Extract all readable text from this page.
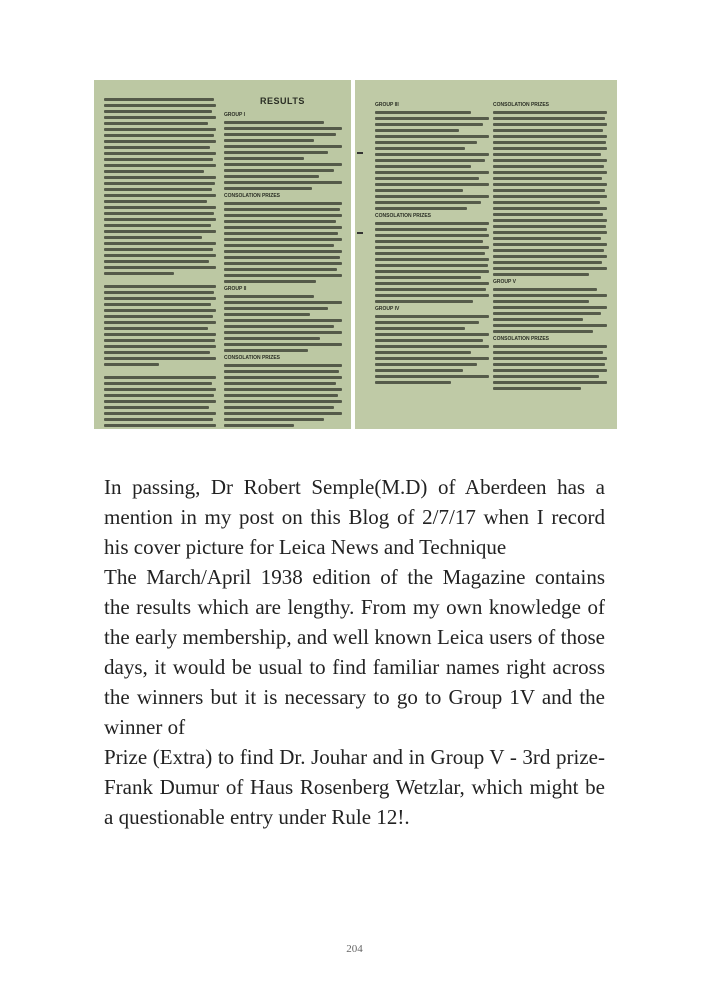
RESULTS
GROUP I
CONSOLATION PRIZES
GROUP II
CONSOLATION PRIZES
GROUP III
CONSOLATION PRIZES
GROUP IV
CONSOLATION PRIZES
GROUP V
CONSOLATION PRIZES

In passing, Dr Robert Semple(M.D) of Aberdeen has a mention in my post on this Blog of 2/7/17 when I record his cover picture for Leica News and Technique

The March/April 1938 edition of the Magazine contains the results which are lengthy. From my own knowledge of the early membership, and well known Leica users of those days, it would be usual to find familiar names right across the winners but it is necessary to go to Group 1V and the winner of

Prize (Extra) to find Dr. Jouhar and in Group V - 3rd prize- Frank Dumur of Haus Rosenberg Wetzlar, which might be a questionable entry under Rule 12!.

204
